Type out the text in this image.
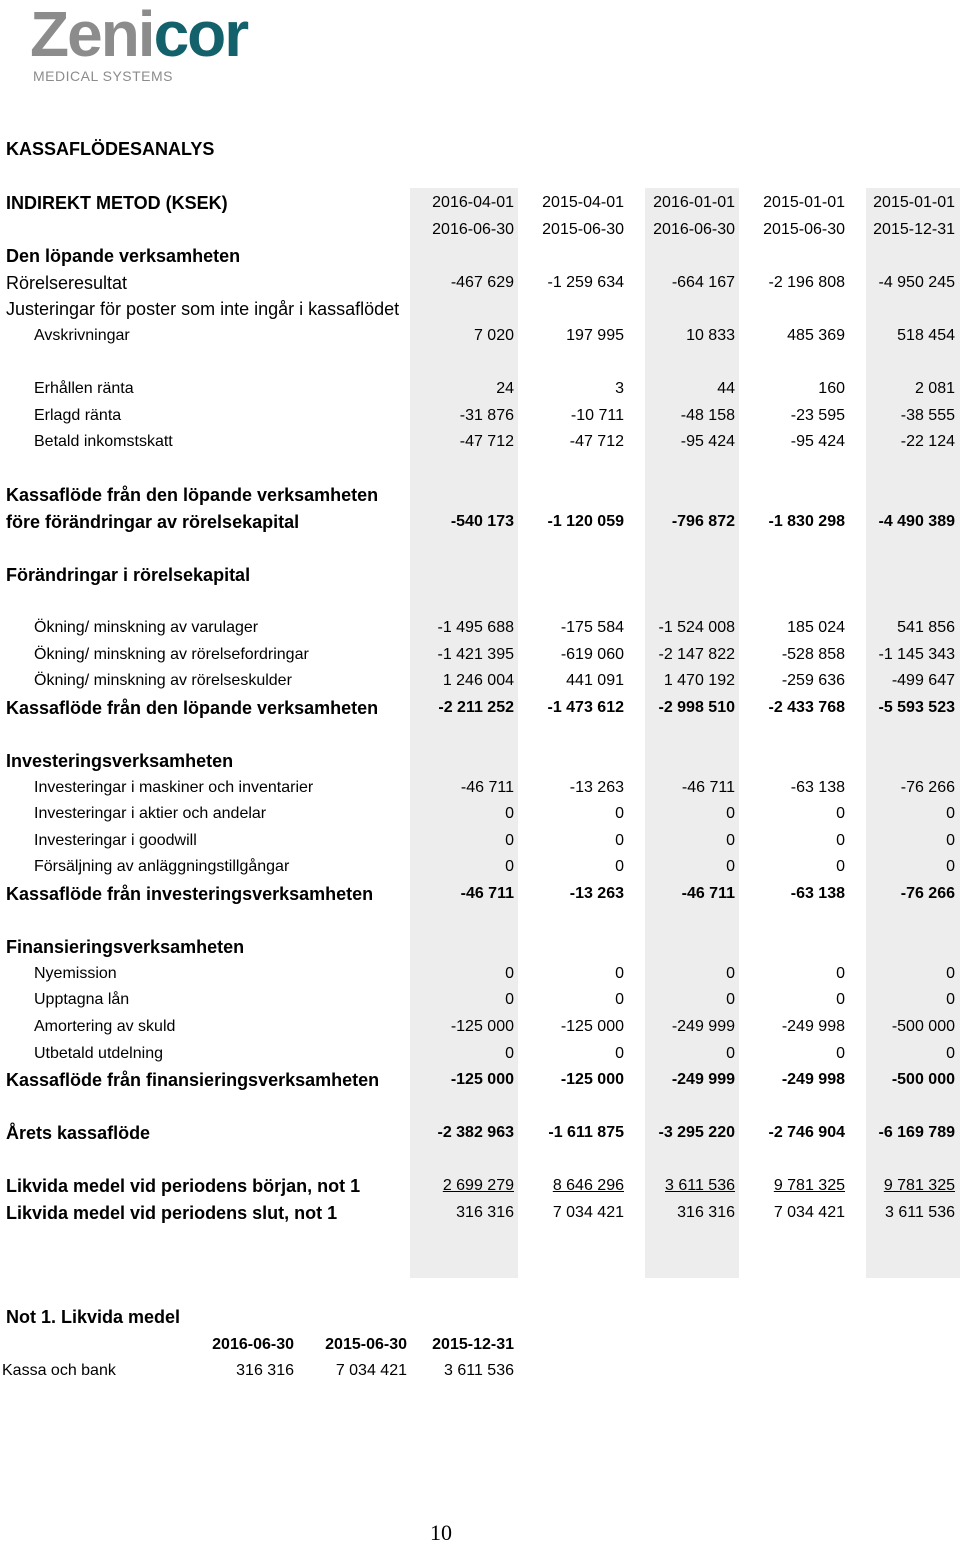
Zenicor
MEDICAL SYSTEMS
KASSAFLÖDESANALYS
INDIREKT METOD (KSEK)	2016-04-01	2015-04-01	2016-01-01	2015-01-01	2015-01-01
2016-06-30	2015-06-30	2016-06-30	2015-06-30	2015-12-31
Den löpande verksamheten
Rörelseresultat	-467 629	-1 259 634	-664 167	-2 196 808	-4 950 245
Justeringar för poster som inte ingår i kassaflödet
Avskrivningar	7 020	197 995	10 833	485 369	518 454
Erhållen ränta	24	3	44	160	2 081
Erlagd ränta	-31 876	-10 711	-48 158	-23 595	-38 555
Betald inkomstskatt	-47 712	-47 712	-95 424	-95 424	-22 124
Kassaflöde från den löpande verksamheten
före förändringar av rörelsekapital	-540 173	-1 120 059	-796 872	-1 830 298	-4 490 389
Förändringar i rörelsekapital
Ökning/ minskning av varulager	-1 495 688	-175 584	-1 524 008	185 024	541 856
Ökning/ minskning av rörelsefordringar	-1 421 395	-619 060	-2 147 822	-528 858	-1 145 343
Ökning/ minskning av rörelseskulder	1 246 004	441 091	1 470 192	-259 636	-499 647
Kassaflöde från den löpande verksamheten	-2 211 252	-1 473 612	-2 998 510	-2 433 768	-5 593 523
Investeringsverksamheten
Investeringar i maskiner och inventarier	-46 711	-13 263	-46 711	-63 138	-76 266
Investeringar i aktier och andelar	0	0	0	0	0
Investeringar i goodwill	0	0	0	0	0
Försäljning av anläggningstillgångar	0	0	0	0	0
Kassaflöde från investeringsverksamheten	-46 711	-13 263	-46 711	-63 138	-76 266
Finansieringsverksamheten
Nyemission	0	0	0	0	0
Upptagna lån	0	0	0	0	0
Amortering av skuld	-125 000	-125 000	-249 999	-249 998	-500 000
Utbetald utdelning	0	0	0	0	0
Kassaflöde från finansieringsverksamheten	-125 000	-125 000	-249 999	-249 998	-500 000
Årets kassaflöde	-2 382 963	-1 611 875	-3 295 220	-2 746 904	-6 169 789
Likvida medel vid periodens början, not 1	2 699 279	8 646 296	3 611 536	9 781 325	9 781 325
Likvida medel vid periodens slut, not 1	316 316	7 034 421	316 316	7 034 421	3 611 536
Not 1. Likvida medel
2016-06-30	2015-06-30	2015-12-31
Kassa och bank	316 316	7 034 421	3 611 536
10
